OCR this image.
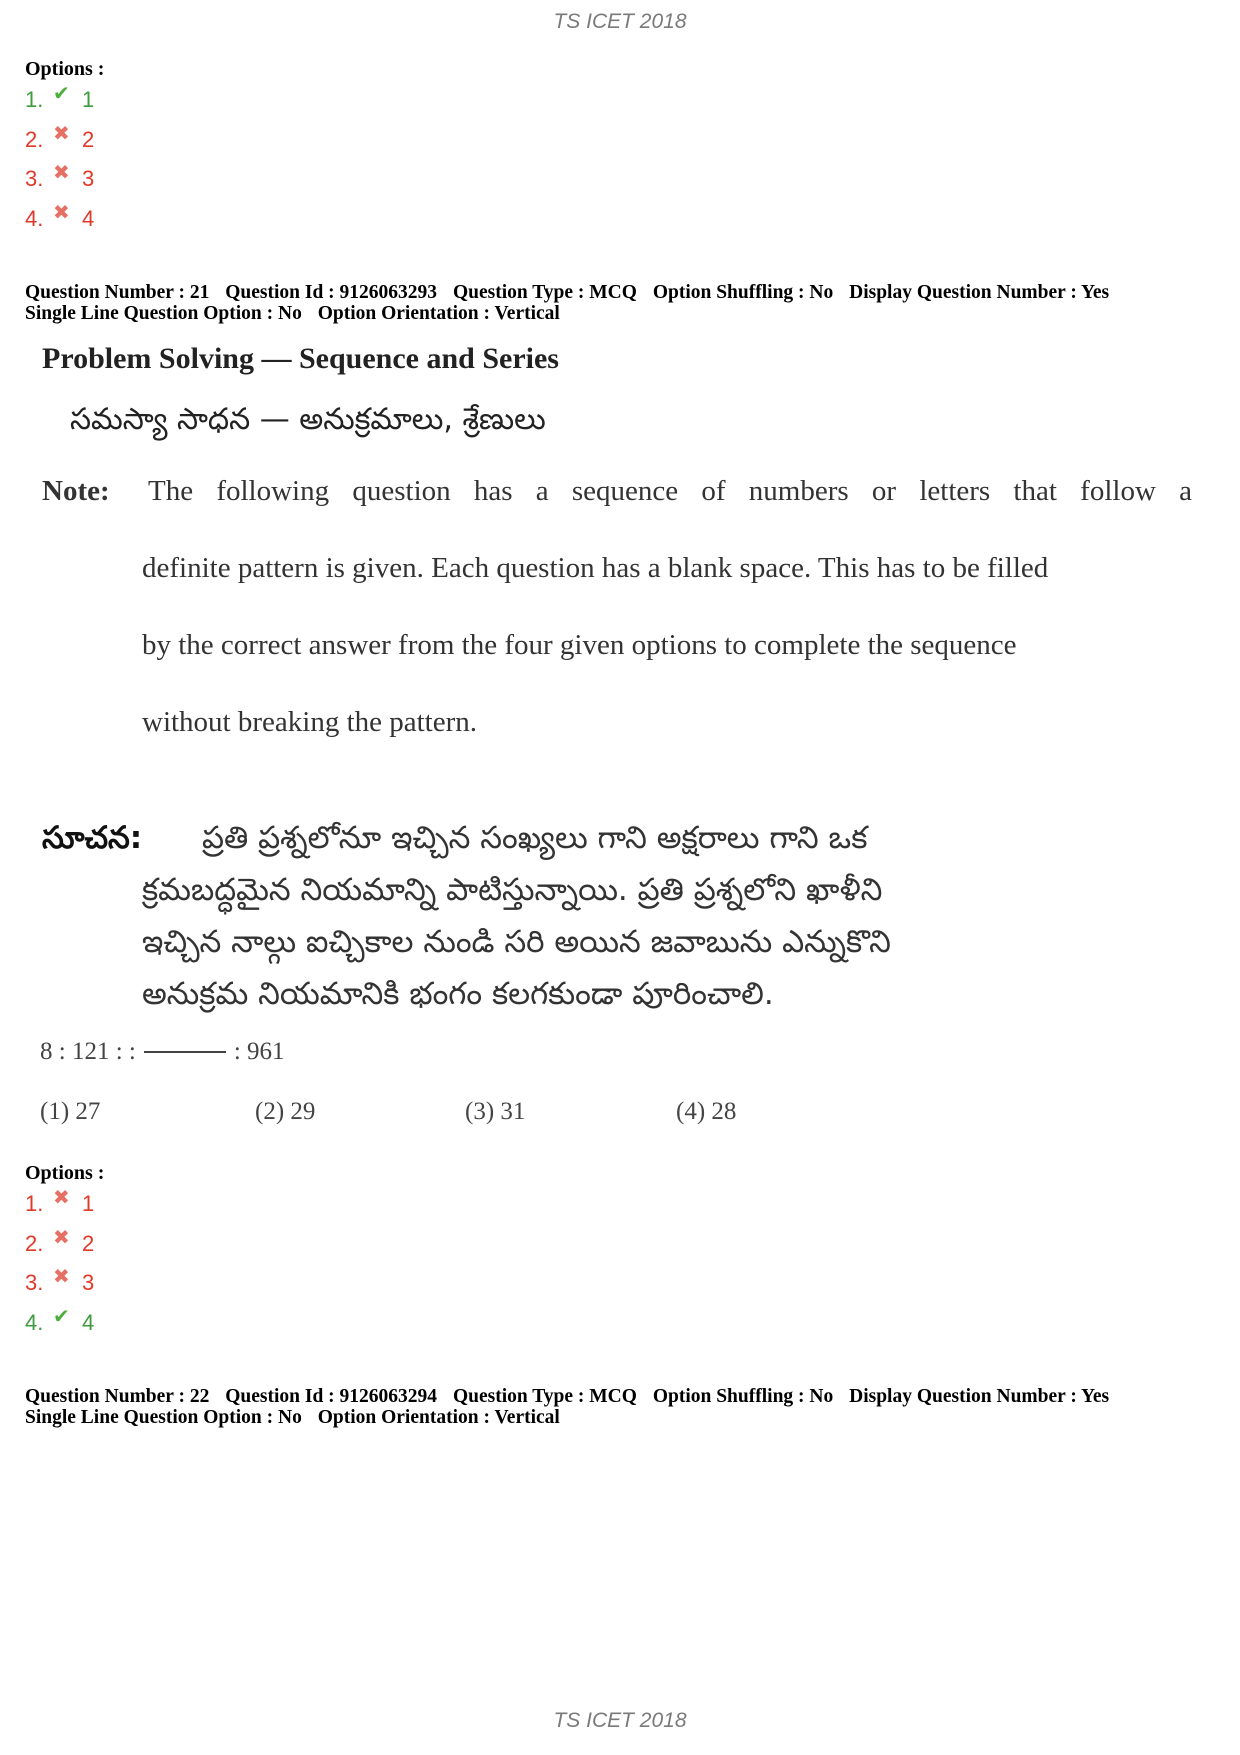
TS ICET 2018
Options :
1. ✔ 1
2. ✖ 2
3. ✖ 3
4. ✖ 4
Question Number : 21 Question Id : 9126063293 Question Type : MCQ Option Shuffling : No Display Question Number : Yes
Single Line Question Option : No Option Orientation : Vertical
Problem Solving — Sequence and Series
సమస్యా సాధన — అనుక్రమాలు, శ్రేణులు
Note: The following question has a sequence of numbers or letters that follow a
definite pattern is given. Each question has a blank space. This has to be filled
by the correct answer from the four given options to complete the sequence
without breaking the pattern.
సూచన: ప్రతి ప్రశ్నలోనూ ఇచ్చిన సంఖ్యలు గాని అక్షరాలు గాని ఒక
క్రమబద్ధమైన నియమాన్ని పాటిస్తున్నాయి. ప్రతి ప్రశ్నలోని ఖాళీని
ఇచ్చిన నాల్గు ఐచ్చికాల నుండి సరి అయిన జవాబును ఎన్నుకొని
అనుక్రమ నియమానికి భంగం కలగకుండా పూరించాలి.
8 : 121 : :	: 961
(1) 27	(2) 29	(3) 31	(4) 28
Options :
1. ✖ 1
2. ✖ 2
3. ✖ 3
4. ✔ 4
Question Number : 22 Question Id : 9126063294 Question Type : MCQ Option Shuffling : No Display Question Number : Yes
Single Line Question Option : No Option Orientation : Vertical
TS ICET 2018
